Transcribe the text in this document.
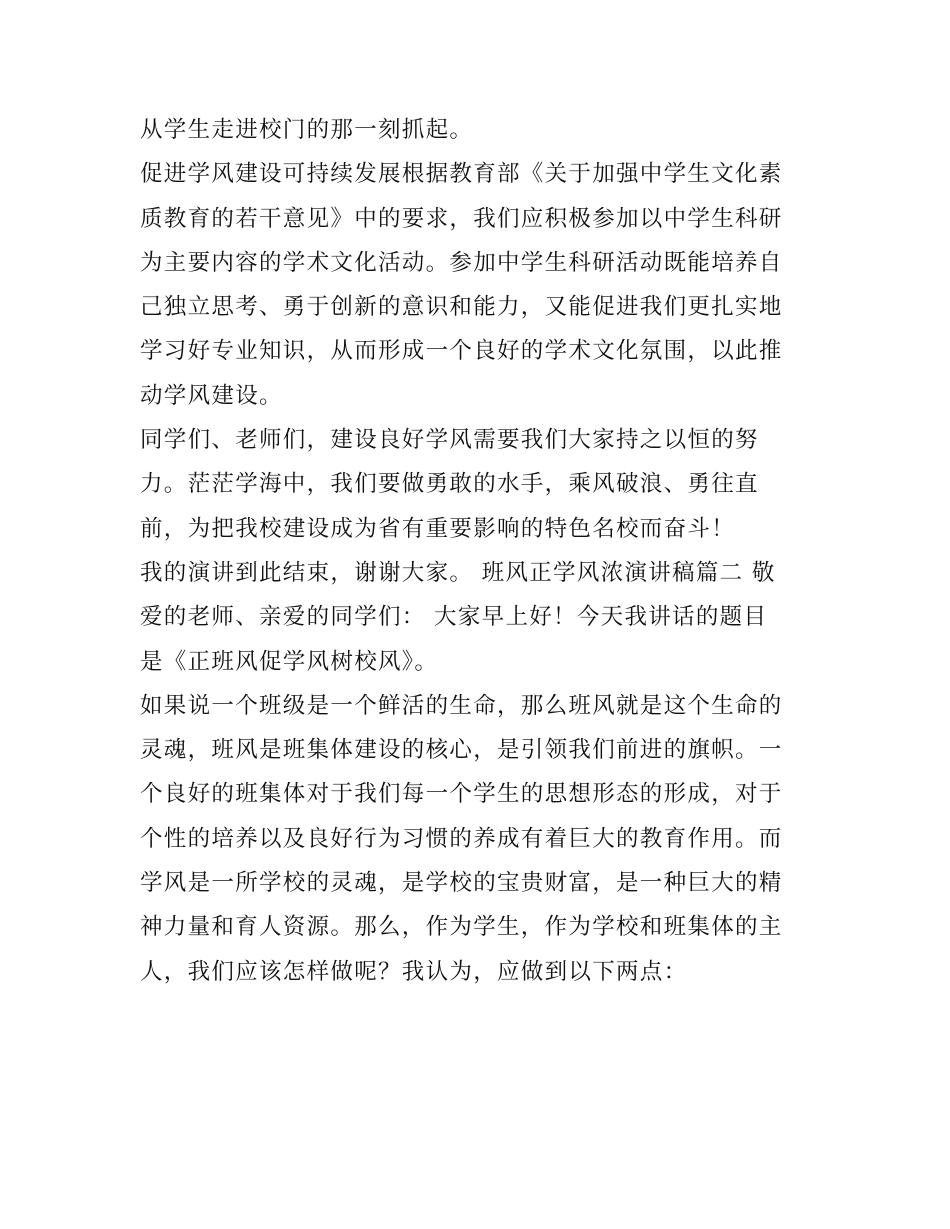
从学生走进校门的那一刻抓起。
促进学风建设可持续发展根据教育部《关于加强中学生文化素
质教育的若干意见》中的要求，我们应积极参加以中学生科研
为主要内容的学术文化活动。参加中学生科研活动既能培养自
己独立思考、勇于创新的意识和能力，又能促进我们更扎实地
学习好专业知识，从而形成一个良好的学术文化氛围，以此推
动学风建设。
同学们、老师们，建设良好学风需要我们大家持之以恒的努
力。茫茫学海中，我们要做勇敢的水手，乘风破浪、勇往直
前，为把我校建设成为省有重要影响的特色名校而奋斗！
我的演讲到此结束，谢谢大家。 班风正学风浓演讲稿篇二 敬
爱的老师、亲爱的同学们： 大家早上好！今天我讲话的题目
是《正班风促学风树校风》。
如果说一个班级是一个鲜活的生命，那么班风就是这个生命的
灵魂，班风是班集体建设的核心，是引领我们前进的旗帜。一
个良好的班集体对于我们每一个学生的思想形态的形成，对于
个性的培养以及良好行为习惯的养成有着巨大的教育作用。而
学风是一所学校的灵魂，是学校的宝贵财富，是一种巨大的精
神力量和育人资源。那么，作为学生，作为学校和班集体的主
人，我们应该怎样做呢？我认为，应做到以下两点：
